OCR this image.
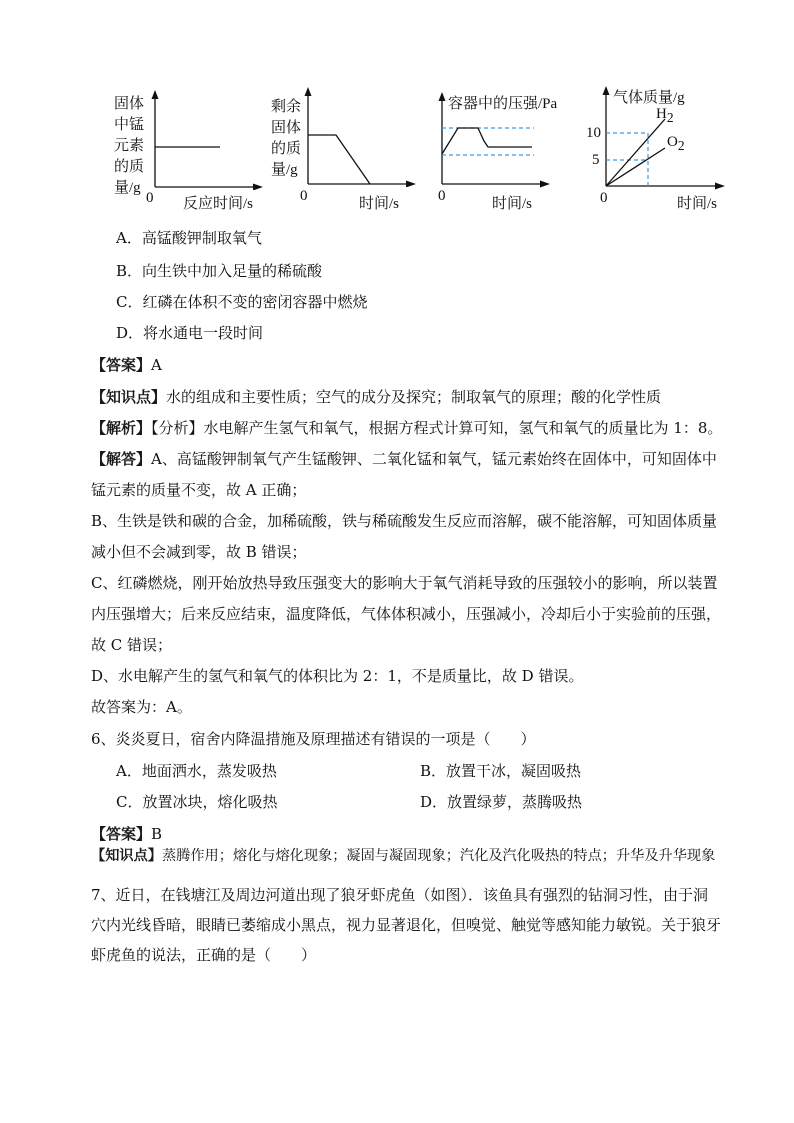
固体
中锰
元素
的质
量/g
0 反应时间/s
剩余
固体
的质
量/g
0	时间/s
容器中的压强/Pa
0	时间/s
气体质量/g
10
5
$H_2$
$O_2$
0	时间/s
A．高锰酸钾制取氧气
B．向生铁中加入足量的稀硫酸
C．红磷在体积不变的密闭容器中燃烧
D．将水通电一段时间
【答案】A
【知识点】水的组成和主要性质；空气的成分及探究；制取氧气的原理；酸的化学性质
【解析】【分析】水电解产生氢气和氧气，根据方程式计算可知，氢气和氧气的质量比为 1：8。
【解答】A、高锰酸钾制氧气产生锰酸钾、二氧化锰和氧气，锰元素始终在固体中，可知固体中
锰元素的质量不变，故 A 正确；
B、生铁是铁和碳的合金，加稀硫酸，铁与稀硫酸发生反应而溶解，碳不能溶解，可知固体质量
减小但不会减到零，故 B 错误；
C、红磷燃烧，刚开始放热导致压强变大的影响大于氧气消耗导致的压强较小的影响，所以装置
内压强增大；后来反应结束，温度降低，气体体积减小，压强减小，冷却后小于实验前的压强，
故 C 错误；
D、水电解产生的氢气和氧气的体积比为 2：1，不是质量比，故 D 错误。
故答案为：A。
6、炎炎夏日，宿舍内降温措施及原理描述有错误的一项是（　　）
A．地面洒水，蒸发吸热	B．放置干冰，凝固吸热
C．放置冰块，熔化吸热	D．放置绿萝，蒸腾吸热
【答案】B
【知识点】蒸腾作用；熔化与熔化现象；凝固与凝固现象；汽化及汽化吸热的特点；升华及升华现象
7、近日，在钱塘江及周边河道出现了狼牙虾虎鱼（如图）．该鱼具有强烈的钻洞习性，由于洞
穴内光线昏暗，眼睛已萎缩成小黑点，视力显著退化，但嗅觉、触觉等感知能力敏锐。关于狼牙
虾虎鱼的说法，正确的是（　　）
